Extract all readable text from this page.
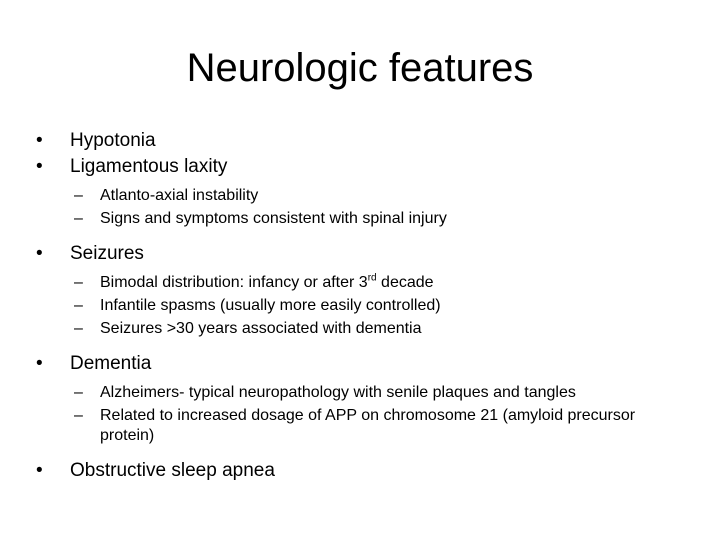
Neurologic features
•	Hypotonia
•	Ligamentous laxity
–	Atlanto-axial instability
–	Signs and symptoms consistent with spinal injury
•	Seizures
–	Bimodal distribution: infancy or after 3rd decade
–	Infantile spasms (usually more easily controlled)
–	Seizures >30 years associated with dementia
•	Dementia
–	Alzheimers- typical neuropathology with senile plaques and tangles
–	Related to increased dosage of APP on chromosome 21 (amyloid precursor protein)
•	Obstructive sleep apnea
